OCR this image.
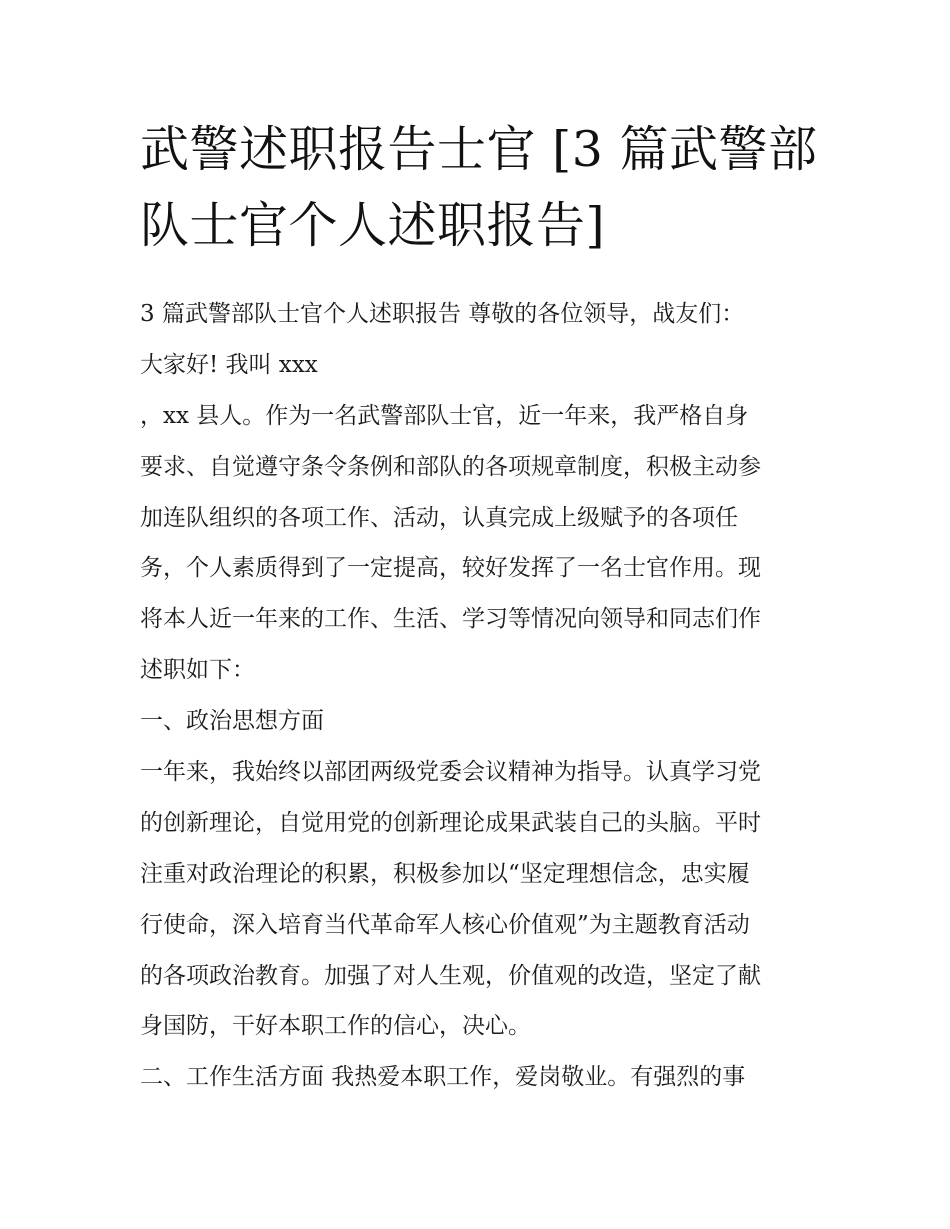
武警述职报告士官 [3 篇武警部
队士官个人述职报告]
3 篇武警部队士官个人述职报告 尊敬的各位领导，战友们：
大家好! 我叫 xxx
，xx 县人。作为一名武警部队士官，近一年来，我严格自身
要求、自觉遵守条令条例和部队的各项规章制度，积极主动参
加连队组织的各项工作、活动，认真完成上级赋予的各项任
务，个人素质得到了一定提高，较好发挥了一名士官作用。现
将本人近一年来的工作、生活、学习等情况向领导和同志们作
述职如下：
一、政治思想方面
一年来，我始终以部团两级党委会议精神为指导。认真学习党
的创新理论，自觉用党的创新理论成果武装自己的头脑。平时
注重对政治理论的积累，积极参加以“坚定理想信念，忠实履
行使命，深入培育当代革命军人核心价值观”为主题教育活动
的各项政治教育。加强了对人生观，价值观的改造，坚定了献
身国防，干好本职工作的信心，决心。
二、工作生活方面 我热爱本职工作，爱岗敬业。有强烈的事
